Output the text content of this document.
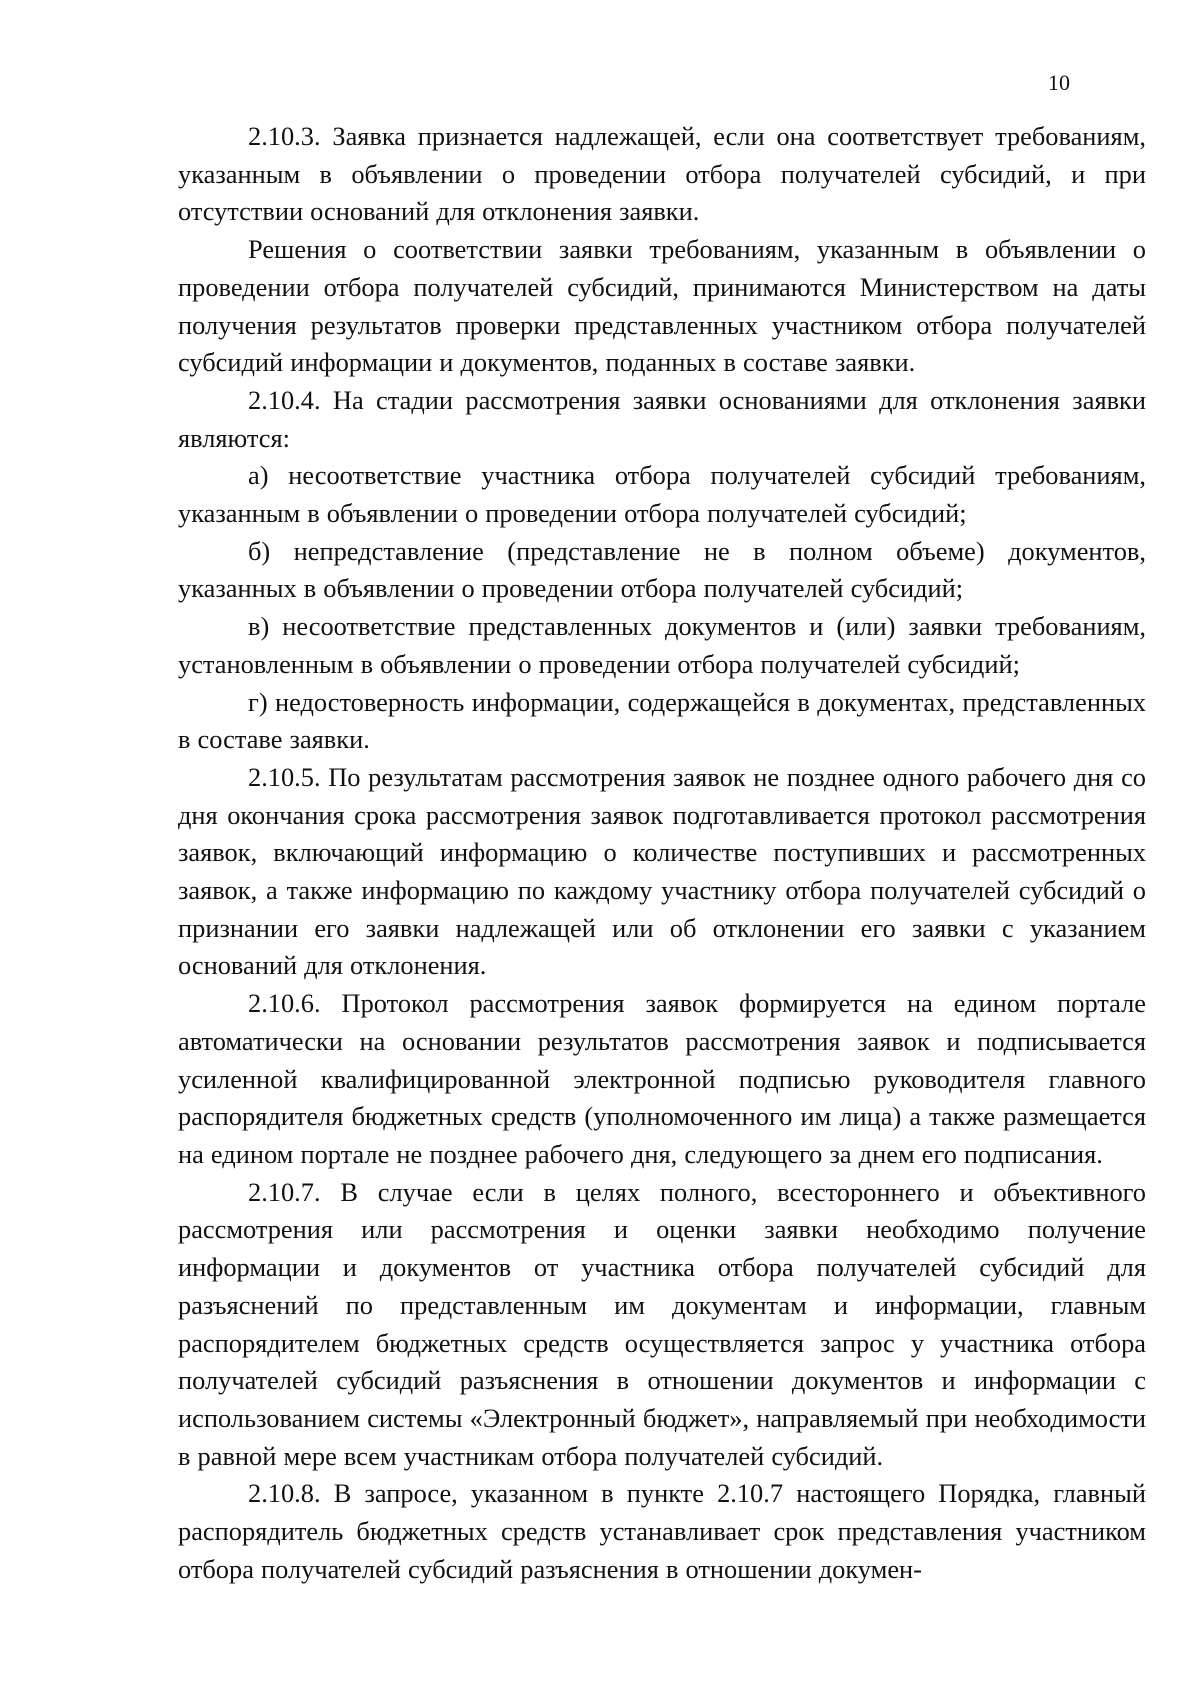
10

2.10.3. Заявка признается надлежащей, если она соответствует требованиям, указанным в объявлении о проведении отбора получателей субсидий, и при отсутствии оснований для отклонения заявки.

Решения о соответствии заявки требованиям, указанным в объявлении о проведении отбора получателей субсидий, принимаются Министерством на даты получения результатов проверки представленных участником отбора получателей субсидий информации и документов, поданных в составе заявки.

2.10.4. На стадии рассмотрения заявки основаниями для отклонения заявки являются:

а) несоответствие участника отбора получателей субсидий требованиям, указанным в объявлении о проведении отбора получателей субсидий;

б) непредставление (представление не в полном объеме) документов, указанных в объявлении о проведении отбора получателей субсидий;

в) несоответствие представленных документов и (или) заявки требованиям, установленным в объявлении о проведении отбора получателей субсидий;

г) недостоверность информации, содержащейся в документах, представленных в составе заявки.

2.10.5. По результатам рассмотрения заявок не позднее одного рабочего дня со дня окончания срока рассмотрения заявок подготавливается протокол рассмотрения заявок, включающий информацию о количестве поступивших и рассмотренных заявок, а также информацию по каждому участнику отбора получателей субсидий о признании его заявки надлежащей или об отклонении его заявки с указанием оснований для отклонения.

2.10.6. Протокол рассмотрения заявок формируется на едином портале автоматически на основании результатов рассмотрения заявок и подписывается усиленной квалифицированной электронной подписью руководителя главного распорядителя бюджетных средств (уполномоченного им лица) а также размещается на едином портале не позднее рабочего дня, следующего за днем его подписания.

2.10.7. В случае если в целях полного, всестороннего и объективного рассмотрения или рассмотрения и оценки заявки необходимо получение информации и документов от участника отбора получателей субсидий для разъяснений по представленным им документам и информации, главным распорядителем бюджетных средств осуществляется запрос у участника отбора получателей субсидий разъяснения в отношении документов и информации с использованием системы «Электронный бюджет», направляемый при необходимости в равной мере всем участникам отбора получателей субсидий.

2.10.8. В запросе, указанном в пункте 2.10.7 настоящего Порядка, главный распорядитель бюджетных средств устанавливает срок представления участником отбора получателей субсидий разъяснения в отношении докумен-
